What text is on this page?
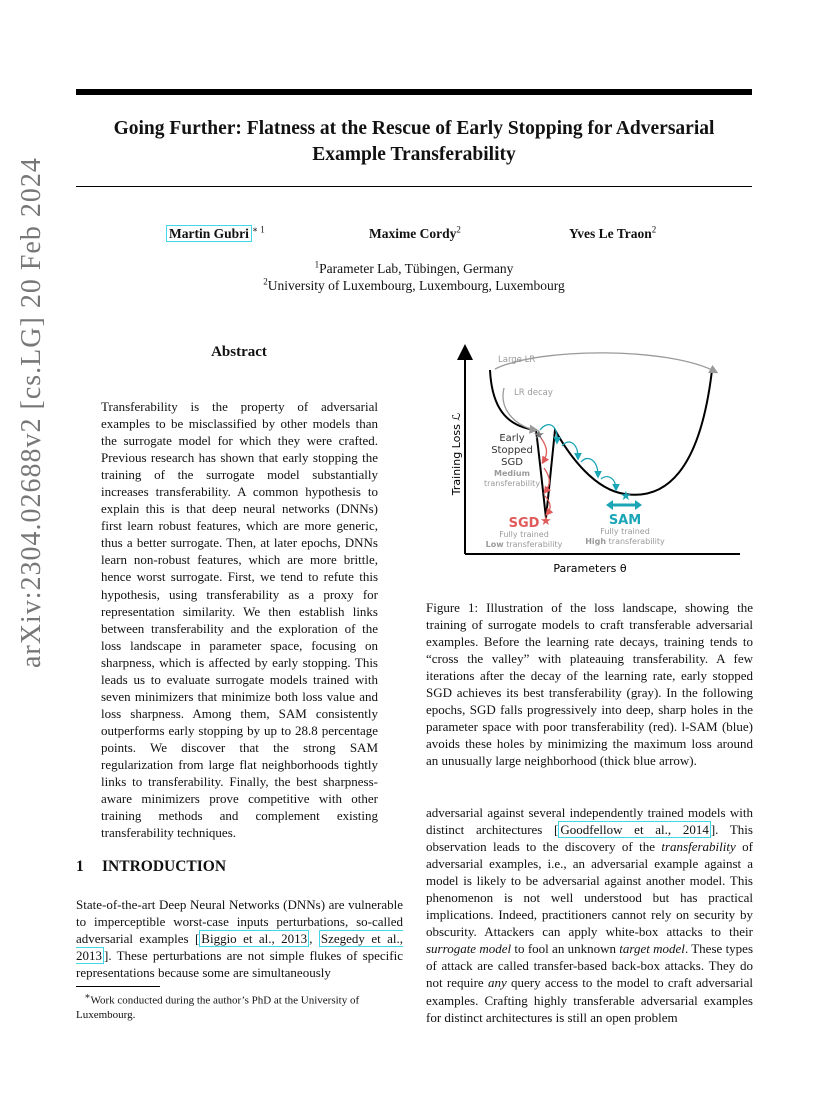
arXiv:2304.02688v2 [cs.LG] 20 Feb 2024
Going Further: Flatness at the Rescue of Early Stopping for Adversarial
Example Transferability
Martin Gubri $^{∗ 1}$	Maxime Cordy$^2$	Yves Le Traon$^2$
$^1$Parameter Lab, Tübingen, Germany
$^2$University of Luxembourg, Luxembourg, Luxembourg
Abstract
Transferability is the property of adversarial examples to be misclassified by other models than the surrogate model for which they were crafted. Previous research has shown that early stopping the training of the surrogate model substantially increases transferability. A common hypothesis to explain this is that deep neural networks (DNNs) first learn robust features, which are more generic, thus a better surrogate. Then, at later epochs, DNNs learn non-robust features, which are more brittle, hence worst surrogate. First, we tend to refute this hypothesis, using transferability as a proxy for representation similarity. We then establish links between transferability and the exploration of the loss landscape in parameter space, focusing on sharpness, which is affected by early stopping. This leads us to evaluate surrogate models trained with seven minimizers that minimize both loss value and loss sharpness. Among them, SAM consistently outperforms early stopping by up to 28.8 percentage points. We discover that the strong SAM regularization from large flat neighborhoods tightly links to transferability. Finally, the best sharpness-aware minimizers prove competitive with other training methods and complement existing transferability techniques.
Large LR
LR decay
★
★
★
Early
Stopped
SGD
Medium
transferability
SGD
Fully trained
Low transferability
SAM
Fully trained
High transferability
Training Loss ℒ
Parameters θ
Figure 1: Illustration of the loss landscape, showing the training of surrogate models to craft transferable adversarial examples. Before the learning rate decays, training tends to “cross the valley” with plateauing transferability. A few iterations after the decay of the learning rate, early stopped SGD achieves its best transferability (gray). In the following epochs, SGD falls progressively into deep, sharp holes in the parameter space with poor transferability (red). l-SAM (blue) avoids these holes by minimizing the maximum loss around an unusually large neighborhood (thick blue arrow).
1 INTRODUCTION
State-of-the-art Deep Neural Networks (DNNs) are vulnerable to imperceptible worst-case inputs perturbations, so-called adversarial examples [ Biggio et al., 2013 , Szegedy et al., 2013 ]. These perturbations are not simple flukes of specific representations because some are simultaneously
adversarial against several independently trained models with distinct architectures [ Goodfellow et al., 2014 ]. This observation leads to the discovery of the transferability of adversarial examples, i.e., an adversarial example against a model is likely to be adversarial against another model. This phenomenon is not well understood but has practical implications. Indeed, practitioners cannot rely on security by obscurity. Attackers can apply white-box attacks to their surrogate model to fool an unknown target model. These types of attack are called transfer-based back-box attacks. They do not require any query access to the model to craft adversarial examples. Crafting highly transferable adversarial examples for distinct architectures is still an open problem
∗Work conducted during the author’s PhD at the University of Luxembourg.
